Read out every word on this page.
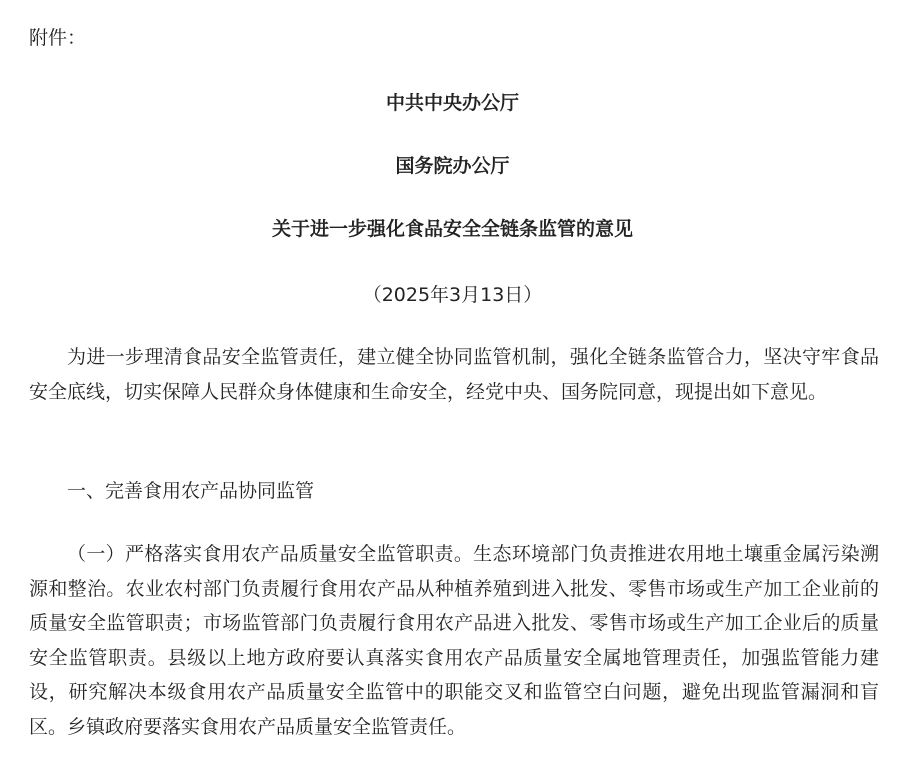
附件：
中共中央办公厅
国务院办公厅
关于进一步强化食品安全全链条监管的意见
（2025年3月13日）
为进一步理清食品安全监管责任，建立健全协同监管机制，强化全链条监管合力，坚决守牢食品安全底线，切实保障人民群众身体健康和生命安全，经党中央、国务院同意，现提出如下意见。
一、完善食用农产品协同监管
（一）严格落实食用农产品质量安全监管职责。生态环境部门负责推进农用地土壤重金属污染溯源和整治。农业农村部门负责履行食用农产品从种植养殖到进入批发、零售市场或生产加工企业前的质量安全监管职责；市场监管部门负责履行食用农产品进入批发、零售市场或生产加工企业后的质量安全监管职责。县级以上地方政府要认真落实食用农产品质量安全属地管理责任，加强监管能力建设，研究解决本级食用农产品质量安全监管中的职能交叉和监管空白问题，避免出现监管漏洞和盲区。乡镇政府要落实食用农产品质量安全监管责任。
